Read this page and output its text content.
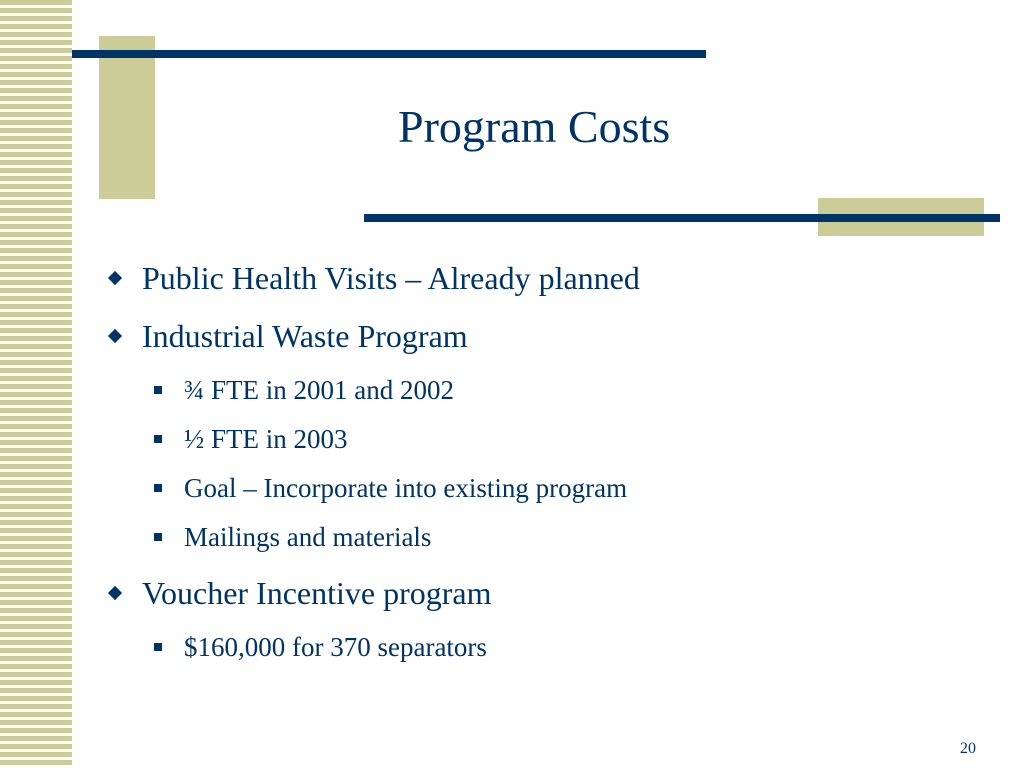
Program Costs
Public Health Visits – Already planned
Industrial Waste Program
¾ FTE in 2001 and 2002
½ FTE in 2003
Goal – Incorporate into existing program
Mailings and materials
Voucher Incentive program
$160,000 for 370 separators
20
